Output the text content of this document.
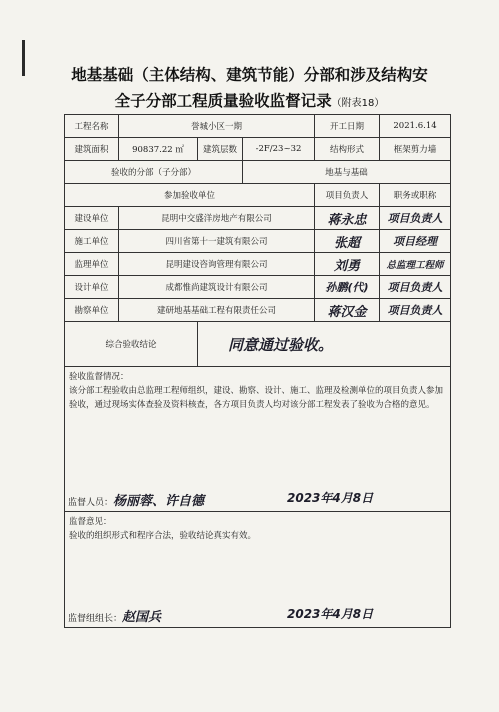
地基基础（主体结构、建筑节能）分部和涉及结构安
全子分部工程质量验收监督记录（附表18）
工程名称	誉城小区一期			开工日期	2021.6.14
建筑面积	90837.22 ㎡	建筑层数	-2F/23~32	结构形式	框架剪力墙
验收的分部（子分部）			地基与基础		
参加验收单位				项目负责人	职务或职称
建设单位	昆明中交盛洋房地产有限公司			蒋永忠	项目负责人
施工单位	四川省第十一建筑有限公司			张超	项目经理
监理单位	昆明建设咨询管理有限公司			刘勇	总监理工程师
设计单位	成都惟尚建筑设计有限公司			孙鹏(代)	项目负责人
勘察单位	建研地基基础工程有限责任公司			蒋汉金	项目负责人
综合验收结论		同意通过验收。			

验收监督情况：

该分部工程验收由总监理工程师组织，建设、勘察、设计、施工、监理及检测单位的项目负责人参加验收，通过现场实体查验及资料核查，各方项目负责人均对该分部工程发表了验收为合格的意见。

监督人员：杨丽蓉、许自德 2023年4月8日					

监督意见：

验收的组织形式和程序合法，验收结论真实有效。

监督组组长：赵国兵 2023年4月8日					
